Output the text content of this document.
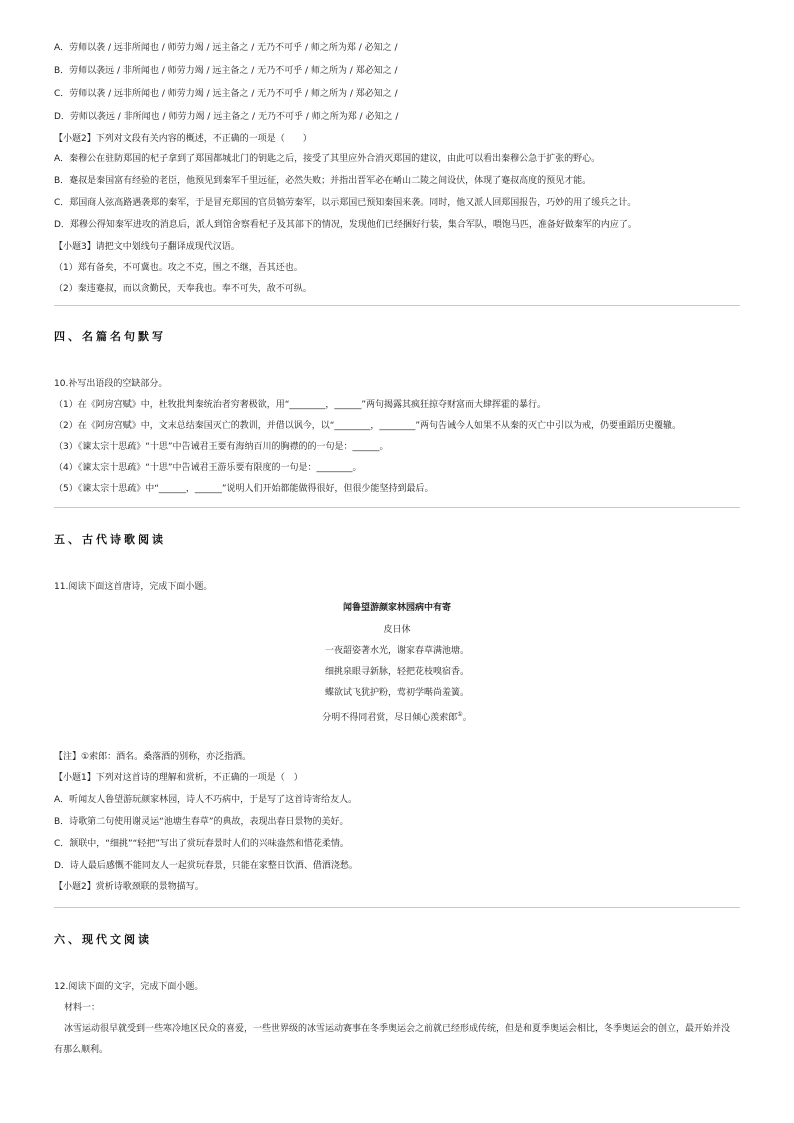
A．劳师以袭 / 远非所闻也 / 师劳力竭 / 远主备之 / 无乃不可乎 / 师之所为郑 / 必知之 /
B．劳师以袭远 / 非所闻也 / 师劳力竭 / 远主备之 / 无乃不可乎 / 师之所为 / 郑必知之 /
C．劳师以袭 / 远非所闻也 / 师劳力竭 / 远主备之 / 无乃不可乎 / 师之所为 / 郑必知之 /
D．劳师以袭远 / 非所闻也 / 师劳力竭 / 远主备之 / 无乃不可乎 / 师之所为郑 / 必知之 /
【小题2】下列对文段有关内容的概述，不正确的一项是（　　）
A．秦穆公在驻防郑国的杞子拿到了郑国都城北门的钥匙之后，接受了其里应外合消灭郑国的建议，由此可以看出秦穆公急于扩张的野心。
B．蹇叔是秦国富有经验的老臣，他预见到秦军千里远征，必然失败；并指出晋军必在崤山二陵之间设伏，体现了蹇叔高度的预见才能。
C．郑国商人弦高路遇袭郑的秦军，于是冒充郑国的官员犒劳秦军，以示郑国已预知秦国来袭。同时，他又派人回郑国报告，巧妙的用了缓兵之计。
D．郑穆公得知秦军进攻的消息后，派人到馆舍察看杞子及其部下的情况，发现他们已经捆好行装，集合军队，喂饱马匹，准备好做秦军的内应了。
【小题3】请把文中划线句子翻译成现代汉语。
（1）郑有备矣，不可冀也。攻之不克，围之不继，吾其还也。
（2）秦违蹇叔，而以贪勤民，天奉我也。奉不可失，敌不可纵。
四、名篇名句默写
10.补写出语段的空缺部分。
（1）在《阿房宫赋》中，杜牧批判秦统治者穷奢极欲，用“________，______”两句揭露其疯狂掠夺财富而大肆挥霍的暴行。
（2）在《阿房宫赋》中，文末总结秦国灭亡的教训，并借以讽今，以“________，________”两句告诫今人如果不从秦的灭亡中引以为戒，仍要重蹈历史覆辙。
（3）《谏太宗十思疏》“十思”中告诫君王要有海纳百川的胸襟的的一句是：______。
（4）《谏太宗十思疏》“十思”中告诫君王游乐要有限度的一句是：________。
（5）《谏太宗十思疏》中“______，______”说明人们开始都能做得很好，但很少能坚持到最后。
五、古代诗歌阅读
11.阅读下面这首唐诗，完成下面小题。
闻鲁望游颜家林园病中有寄
皮日休
一夜韶姿著水光，谢家春草满池塘。
细挑泉眼寻新脉，轻把花枝嗅宿香。
蝶欲试飞犹护粉，莺初学啭尚羞簧。
分明不得同君赏，尽日倾心羡索郎①。
【注】①索郎：酒名。桑落酒的别称，亦泛指酒。
【小题1】下列对这首诗的理解和赏析，不正确的一项是（　）
A．听闻友人鲁望游玩颜家林园，诗人不巧病中，于是写了这首诗寄给友人。
B．诗歌第二句使用谢灵运“池塘生春草”的典故，表现出春日景物的美好。
C．颔联中，“细挑”“轻把”写出了赏玩春景时人们的兴味盎然和惜花柔情。
D．诗人最后感慨不能同友人一起赏玩春景，只能在家整日饮酒、借酒浇愁。
【小题2】赏析诗歌颈联的景物描写。
六、现代文阅读
12.阅读下面的文字，完成下面小题。
材料一：
冰雪运动很早就受到一些寒冷地区民众的喜爱，一些世界级的冰雪运动赛事在冬季奥运会之前就已经形成传统，但是和夏季奥运会相比，冬季奥运会的创立，最开始并没
有那么顺利。
